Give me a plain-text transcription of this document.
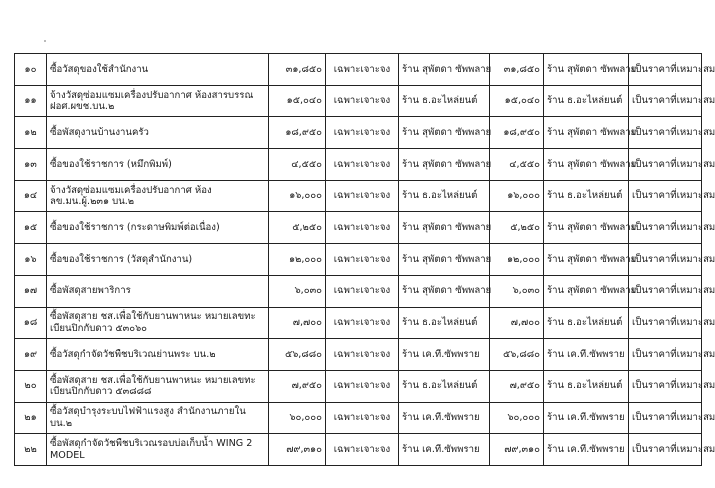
๑๐	ซื้อวัสดุของใช้สำนักงาน	๓๑,๘๕๐	เฉพาะเจาะจง	ร้าน สุพัตดา ซัพพลาย	๓๑,๘๕๐	ร้าน สุพัตดา ซัพพลาย	เป็นราคาที่เหมาะสม
๑๑	จ้างวัสดุซ่อมแซมเครื่องปรับอากาศ ห้องสารบรรณ ฝอศ.ผขช.บน.๒	๑๕,๐๔๐	เฉพาะเจาะจง	ร้าน ธ.อะไหล่ยนต์	๑๕,๐๔๐	ร้าน ธ.อะไหล่ยนต์	เป็นราคาที่เหมาะสม
๑๒	ซื้อพัสดุงานบ้านงานครัว	๑๘,๙๕๐	เฉพาะเจาะจง	ร้าน สุพัตดา ซัพพลาย	๑๘,๙๕๐	ร้าน สุพัตดา ซัพพลาย	เป็นราคาที่เหมาะสม
๑๓	ซื้อของใช้ราชการ (หมึกพิมพ์)	๔,๕๕๐	เฉพาะเจาะจง	ร้าน สุพัตดา ซัพพลาย	๔,๕๕๐	ร้าน สุพัตดา ซัพพลาย	เป็นราคาที่เหมาะสม
๑๔	จ้างวัสดุซ่อมแซมเครื่องปรับอากาศ ห้อง ลข.มน.ผู้.๒๓๑ บน.๒	๑๖,๐๐๐	เฉพาะเจาะจง	ร้าน ธ.อะไหล่ยนต์	๑๖,๐๐๐	ร้าน ธ.อะไหล่ยนต์	เป็นราคาที่เหมาะสม
๑๕	ซื้อของใช้ราชการ (กระดาษพิมพ์ต่อเนื่อง)	๕,๒๕๐	เฉพาะเจาะจง	ร้าน สุพัตดา ซัพพลาย	๕,๒๕๐	ร้าน สุพัตดา ซัพพลาย	เป็นราคาที่เหมาะสม
๑๖	ซื้อของใช้ราชการ (วัสดุสำนักงาน)	๑๒,๐๐๐	เฉพาะเจาะจง	ร้าน สุพัตดา ซัพพลาย	๑๒,๐๐๐	ร้าน สุพัตดา ซัพพลาย	เป็นราคาที่เหมาะสม
๑๗	ซื้อพัสดุสายพาริการ	๖,๐๓๐	เฉพาะเจาะจง	ร้าน สุพัตดา ซัพพลาย	๖,๐๓๐	ร้าน สุพัตดา ซัพพลาย	เป็นราคาที่เหมาะสม
๑๘	ซื้อพัสดุสาย ชส.เพื่อใช้กับยานพาหนะ หมายเลขทะเบียนปิกกับดาว ๕๓๐๖๐	๗,๗๐๐	เฉพาะเจาะจง	ร้าน ธ.อะไหล่ยนต์	๗,๗๐๐	ร้าน ธ.อะไหล่ยนต์	เป็นราคาที่เหมาะสม
๑๙	ซื้อวัสดุกำจัดวัชพืชบริเวณย่านพระ บน.๒	๕๖,๘๘๐	เฉพาะเจาะจง	ร้าน เค.ที.ซัพพราย	๕๖,๘๘๐	ร้าน เค.ที.ซัพพราย	เป็นราคาที่เหมาะสม
๒๐	ซื้อพัสดุสาย ชส.เพื่อใช้กับยานพาหนะ หมายเลขทะเบียนปิกกับดาว ๕๓๘๘๘	๗,๙๕๐	เฉพาะเจาะจง	ร้าน ธ.อะไหล่ยนต์	๗,๙๕๐	ร้าน ธ.อะไหล่ยนต์	เป็นราคาที่เหมาะสม
๒๑	ซื้อวัสดุบำรุงระบบไฟฟ้าแรงสูง สำนักงานภายใน บน.๒	๖๐,๐๐๐	เฉพาะเจาะจง	ร้าน เค.ที.ซัพพราย	๖๐,๐๐๐	ร้าน เค.ที.ซัพพราย	เป็นราคาที่เหมาะสม
๒๒	ซื้อพัสดุกำจัดวัชพืชบริเวณรอบบ่อเก็บน้ำ WING 2 MODEL	๗๙,๓๑๐	เฉพาะเจาะจง	ร้าน เค.ที.ซัพพราย	๗๙,๓๑๐	ร้าน เค.ที.ซัพพราย	เป็นราคาที่เหมาะสม
